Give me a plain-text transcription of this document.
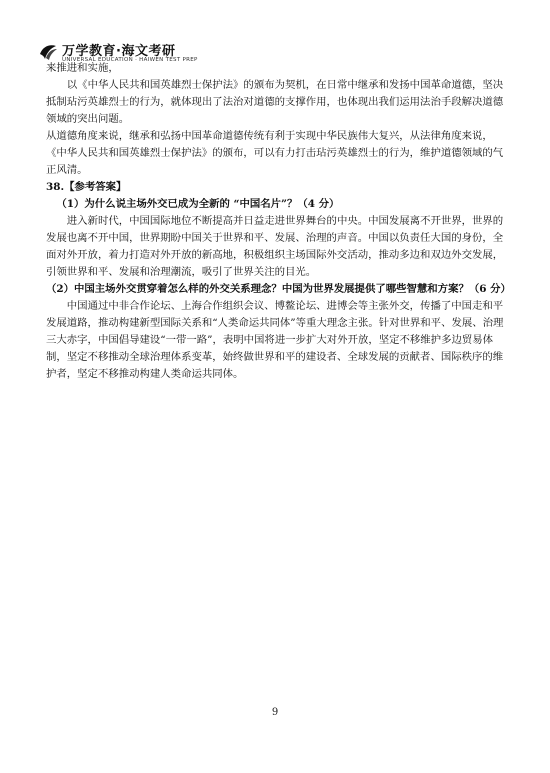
万学教育·海文考研
UNIVERSAL EDUCATION · HAIWEN TEST PREP

来推进和实施，

以《中华人民共和国英雄烈士保护法》的颁布为契机，在日常中继承和发扬中国革命道德，坚决抵制玷污英雄烈士的行为，就体现出了法治对道德的支撑作用，也体现出我们运用法治手段解决道德领域的突出问题。

从道德角度来说，继承和弘扬中国革命道德传统有利于实现中华民族伟大复兴，从法律角度来说，《中华人民共和国英雄烈士保护法》的颁布，可以有力打击玷污英雄烈士的行为，维护道德领域的气正风清。

38.【参考答案】

（1）为什么说主场外交已成为全新的 “中国名片”？（4 分）

进入新时代，中国国际地位不断提高并日益走进世界舞台的中央。中国发展离不开世界，世界的发展也离不开中国，世界期盼中国关于世界和平、发展、治理的声音。中国以负责任大国的身份，全面对外开放，着力打造对外开放的新高地，积极组织主场国际外交活动，推动多边和双边外交发展，引领世界和平、发展和治理潮流，吸引了世界关注的目光。

（2）中国主场外交贯穿着怎么样的外交关系理念？中国为世界发展提供了哪些智慧和方案？（6 分）

中国通过中非合作论坛、上海合作组织会议、博鳌论坛、进博会等主张外交，传播了中国走和平发展道路，推动构建新型国际关系和“人类命运共同体”等重大理念主张。针对世界和平、发展、治理三大赤字，中国倡导建设“一带一路”，表明中国将进一步扩大对外开放，坚定不移维护多边贸易体制，坚定不移推动全球治理体系变革，始终做世界和平的建设者、全球发展的贡献者、国际秩序的维护者，坚定不移推动构建人类命运共同体。

9
